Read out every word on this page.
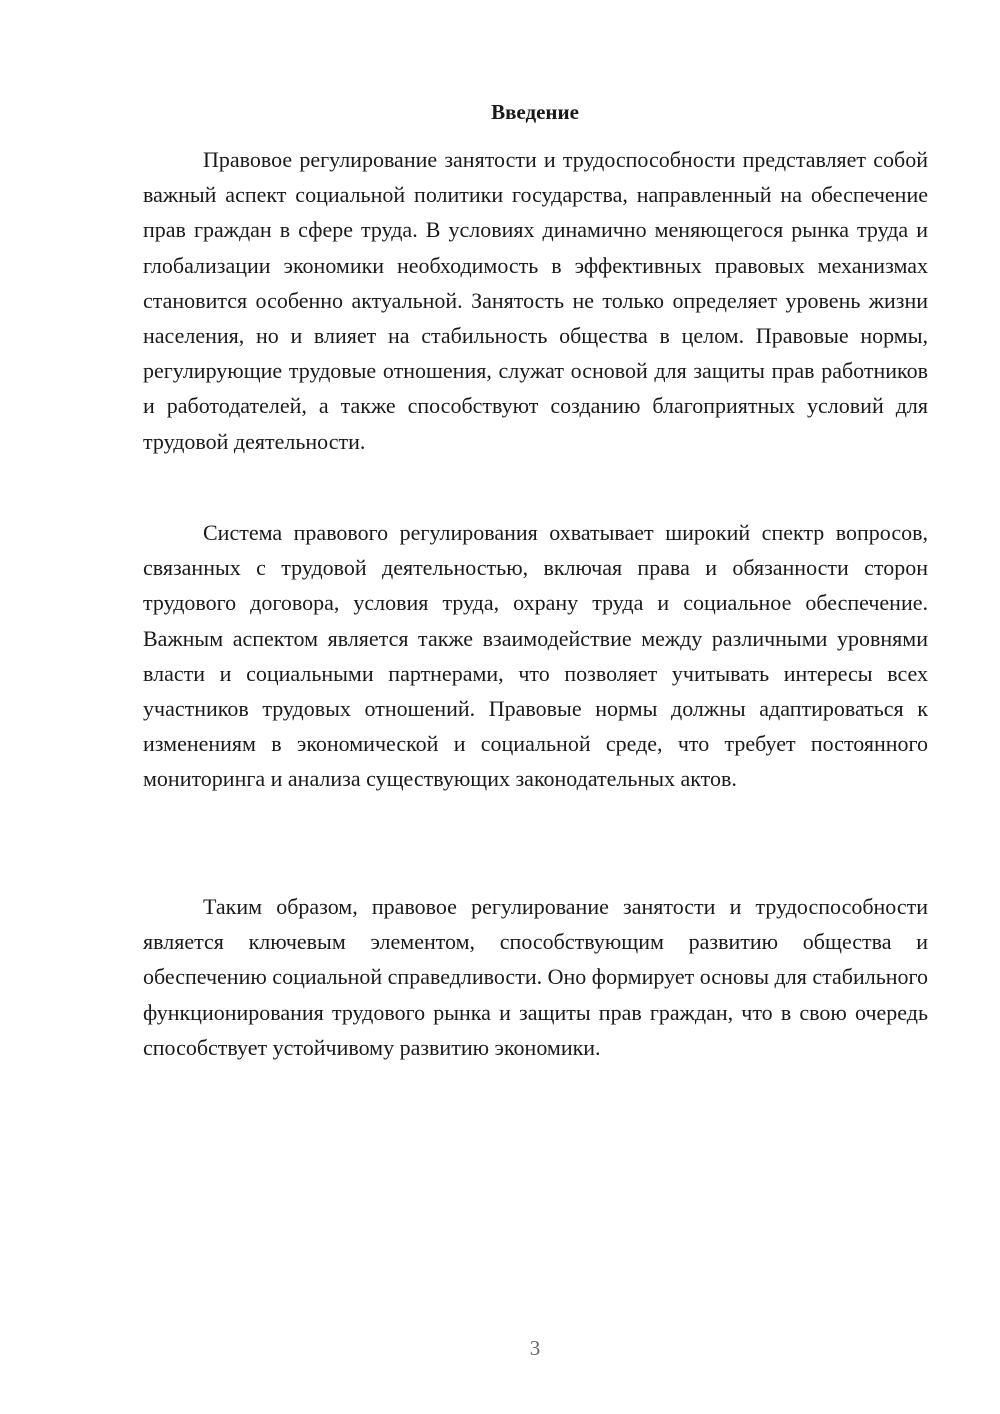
Введение

Правовое регулирование занятости и трудоспособности представляет собой важный аспект социальной политики государства, направленный на обеспечение прав граждан в сфере труда. В условиях динамично меняющегося рынка труда и глобализации экономики необходимость в эффективных правовых механизмах становится особенно актуальной. Занятость не только определяет уровень жизни населения, но и влияет на стабильность общества в целом. Правовые нормы, регулирующие трудовые отношения, служат основой для защиты прав работников и работодателей, а также способствуют созданию благоприятных условий для трудовой деятельности.

Система правового регулирования охватывает широкий спектр вопросов, связанных с трудовой деятельностью, включая права и обязанности сторон трудового договора, условия труда, охрану труда и социальное обеспечение. Важным аспектом является также взаимодействие между различными уровнями власти и социальными партнерами, что позволяет учитывать интересы всех участников трудовых отношений. Правовые нормы должны адаптироваться к изменениям в экономической и социальной среде, что требует постоянного мониторинга и анализа существующих законодательных актов.

Таким образом, правовое регулирование занятости и трудоспособности является ключевым элементом, способствующим развитию общества и обеспечению социальной справедливости. Оно формирует основы для стабильного функционирования трудового рынка и защиты прав граждан, что в свою очередь способствует устойчивому развитию экономики.

3
